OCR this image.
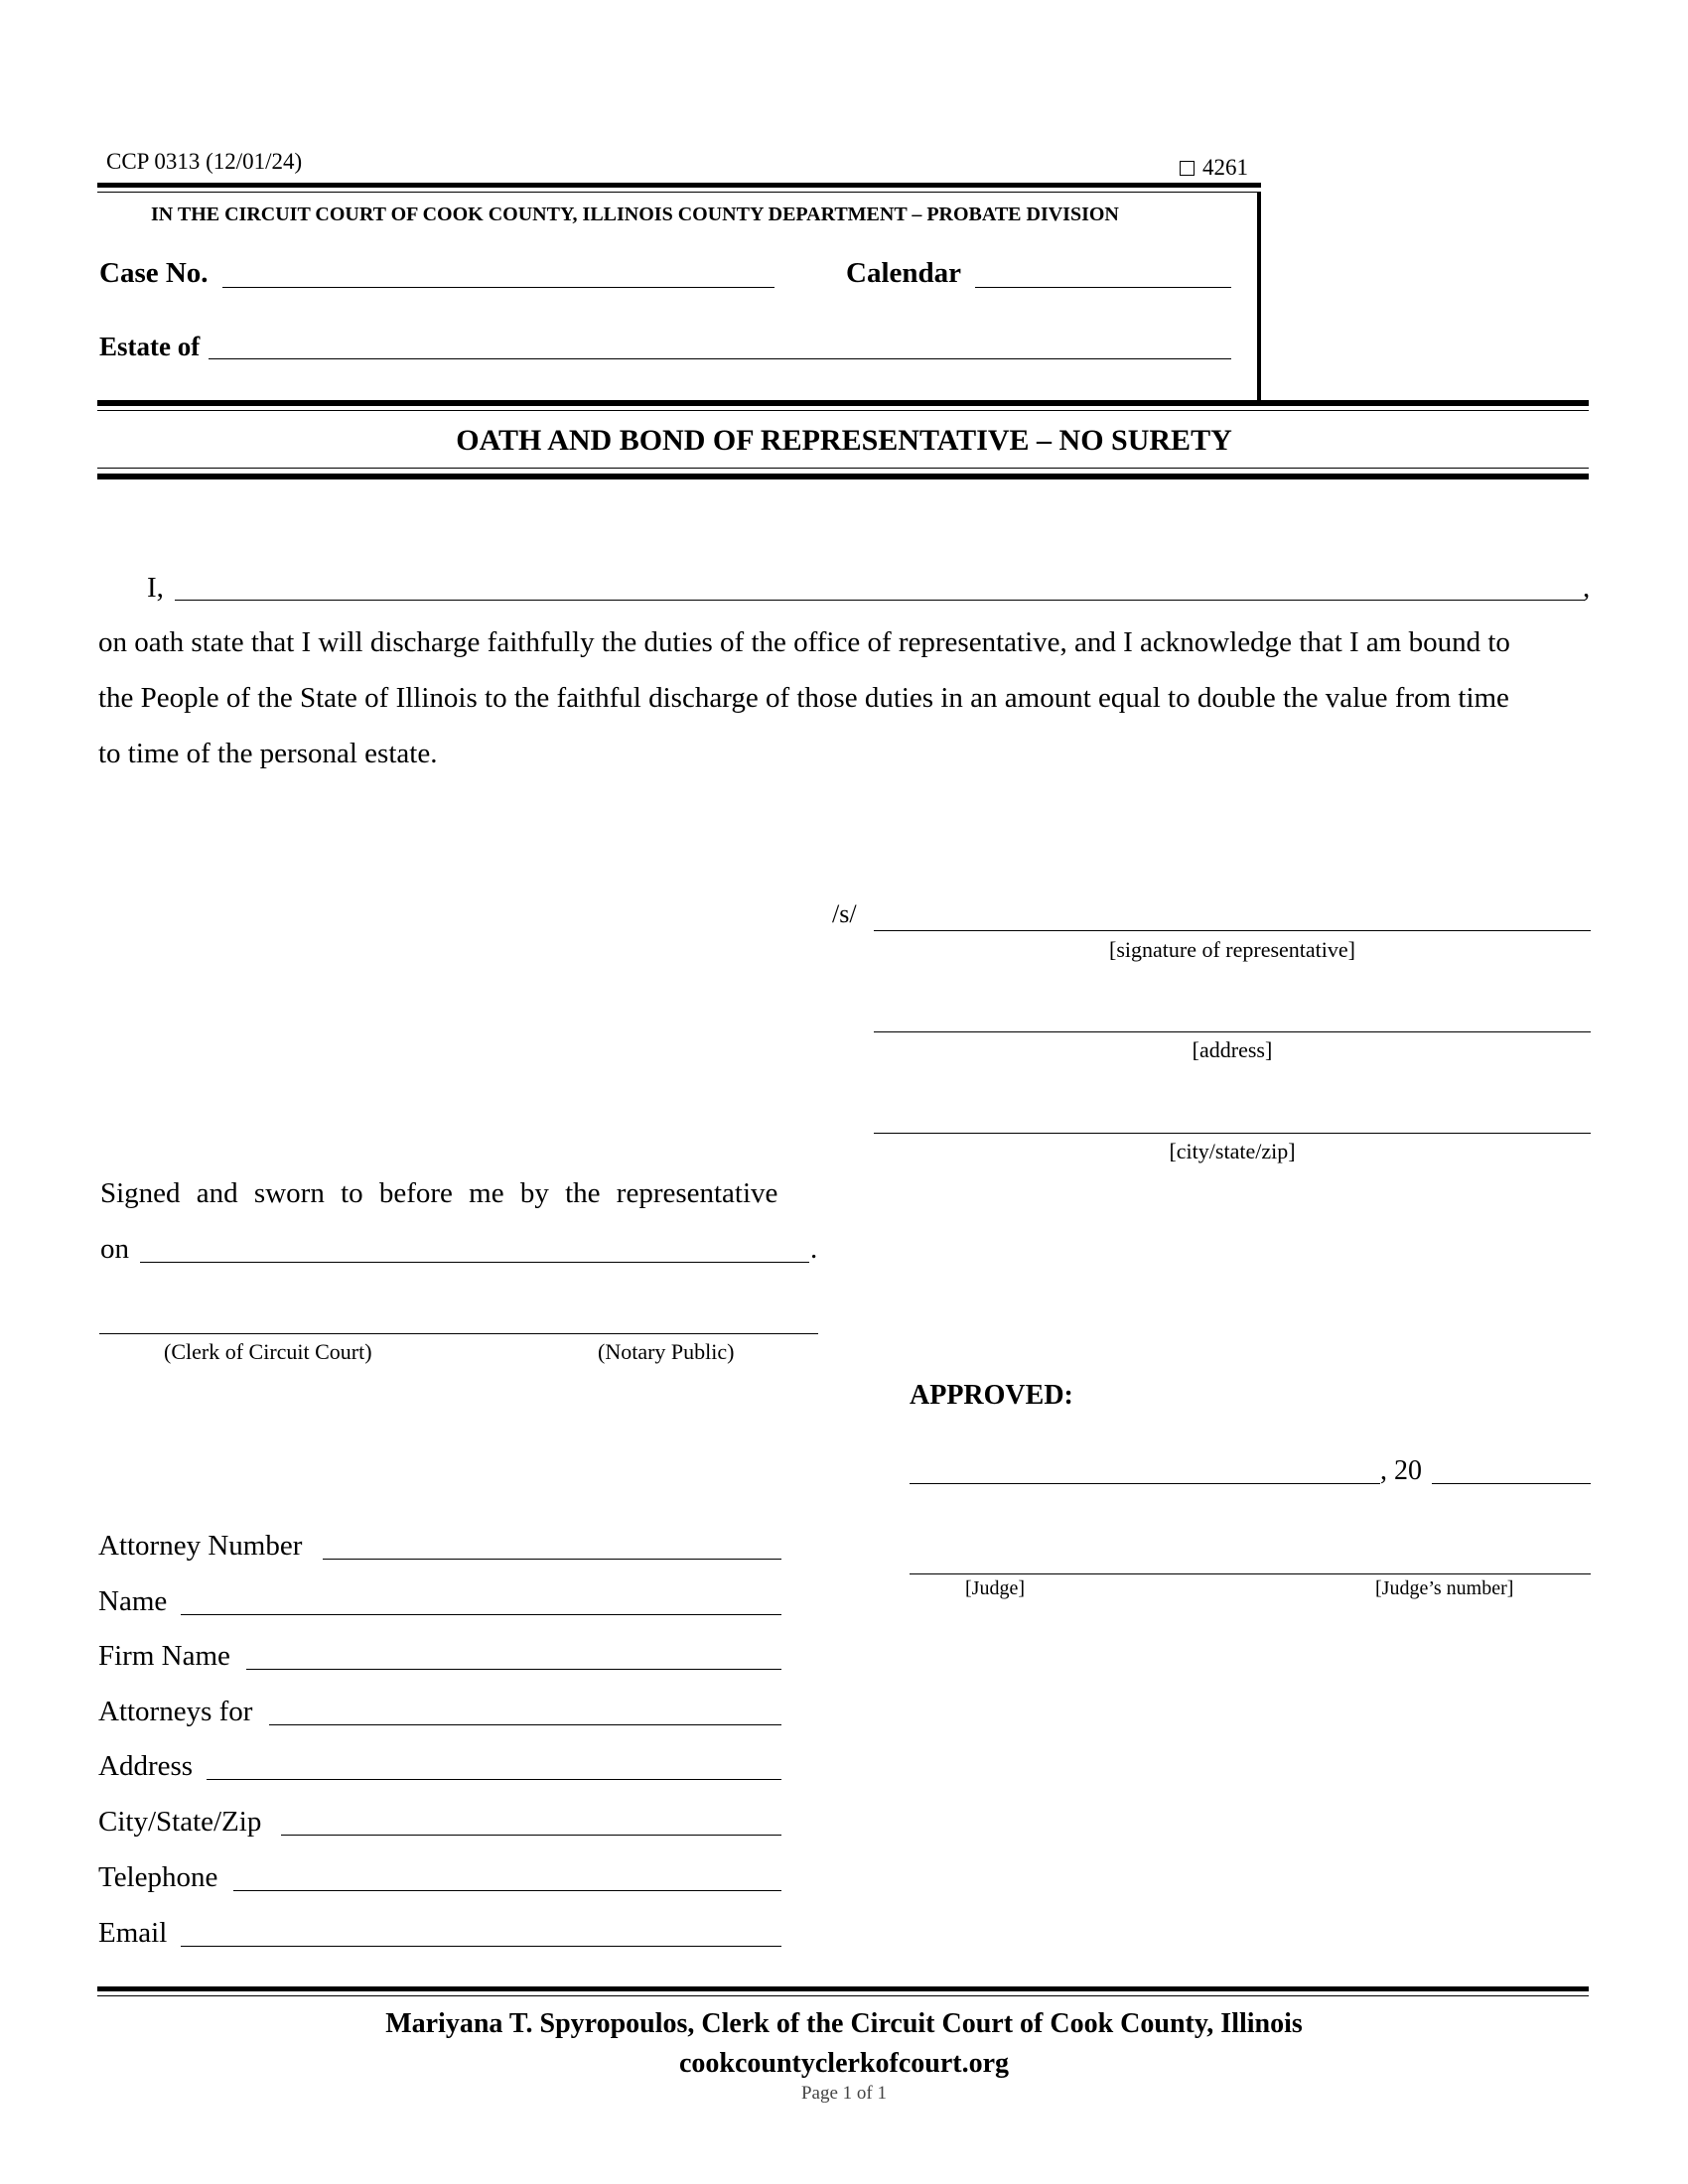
CCP 0313 (12/01/24)	4261
IN THE CIRCUIT COURT OF COOK COUNTY, ILLINOIS COUNTY DEPARTMENT – PROBATE DIVISION
Case No.	Calendar
Estate of
OATH AND BOND OF REPRESENTATIVE – NO SURETY
I,	,
on oath state that I will discharge faithfully the duties of the office of representative, and I acknowledge that I am bound to
the People of the State of Illinois to the faithful discharge of those duties in an amount equal to double the value from time
to time of the personal estate.
/s/
[signature of representative]
[address]
[city/state/zip]
Signed and sworn to before me by the representative
on	.
(Clerk of Circuit Court)	(Notary Public)
APPROVED:
, 20
[Judge]	[Judge’s number]
Attorney Number
Name
Firm Name
Attorneys for
Address
City/State/Zip
Telephone
Email
Mariyana T. Spyropoulos, Clerk of the Circuit Court of Cook County, Illinois
cookcountyclerkofcourt.org
Page 1 of 1
